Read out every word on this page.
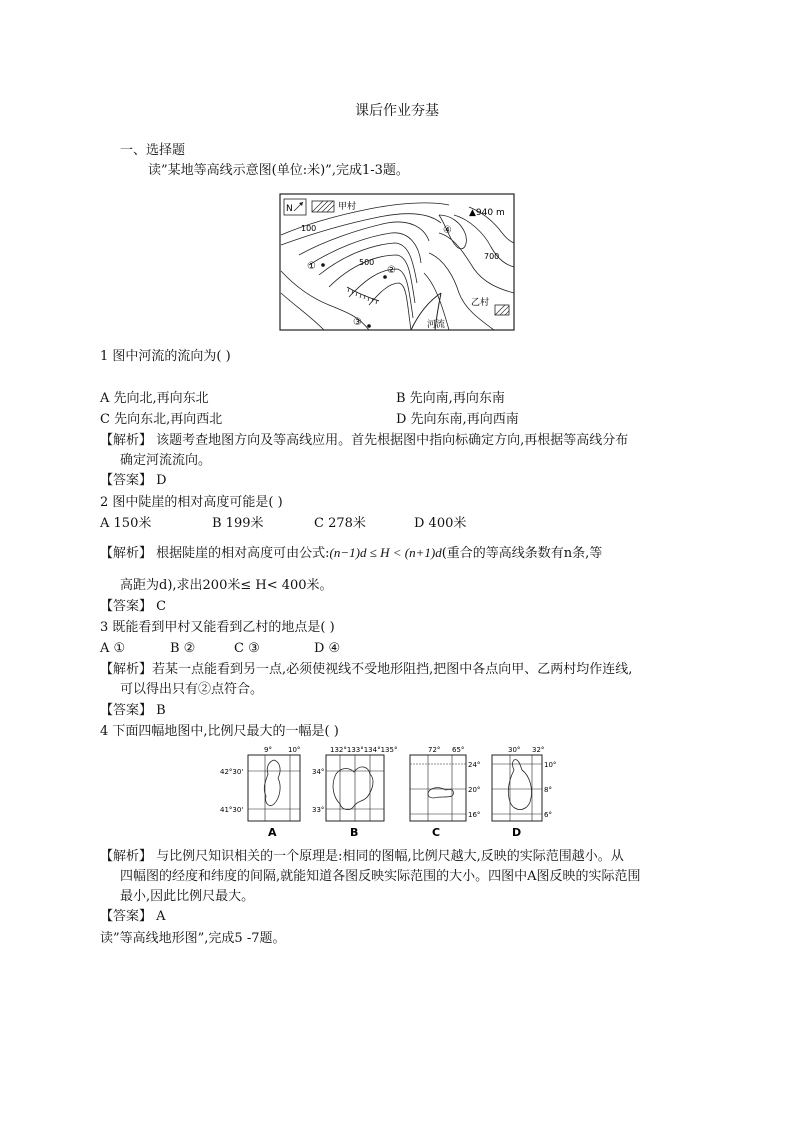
课后作业夯基
一、选择题
读”某地等高线示意图(单位:米)”,完成1-3题。
N	甲村
▲940 m
100
500
700
①	②
③
④
乙村
河流
1 图中河流的流向为( )
A 先向北,再向东北	B 先向南,再向东南
C 先向东北,再向西北	D 先向东南,再向西南
【解析】 该题考查地图方向及等高线应用。首先根据图中指向标确定方向,再根据等高线分布
确定河流流向。
【答案】 D
2 图中陡崖的相对高度可能是( )
A 150米	B 199米	C 278米	D 400米
【解析】 根据陡崖的相对高度可由公式:(n−1)d ≤ H < (n+1)d(重合的等高线条数有n条,等
高距为d),求出200米≤ H< 400米。
【答案】 C
3 既能看到甲村又能看到乙村的地点是( )
A ①	B ②	C ③	D ④
【解析】若某一点能看到另一点,必须使视线不受地形阻挡,把图中各点向甲、乙两村均作连线,
可以得出只有②点符合。
【答案】 B
4 下面四幅地图中,比例尺最大的一幅是( )
9° 10°
42°30'
41°30'
A
132°133°134°135°
34°
33°
B
72° 65°
24°
20°
16°
C
30° 32°
10°
8°
6°
D
【解析】 与比例尺知识相关的一个原理是:相同的图幅,比例尺越大,反映的实际范围越小。从
四幅图的经度和纬度的间隔,就能知道各图反映实际范围的大小。四图中A图反映的实际范围
最小,因此比例尺最大。
【答案】 A
读”等高线地形图”,完成5 -7题。
